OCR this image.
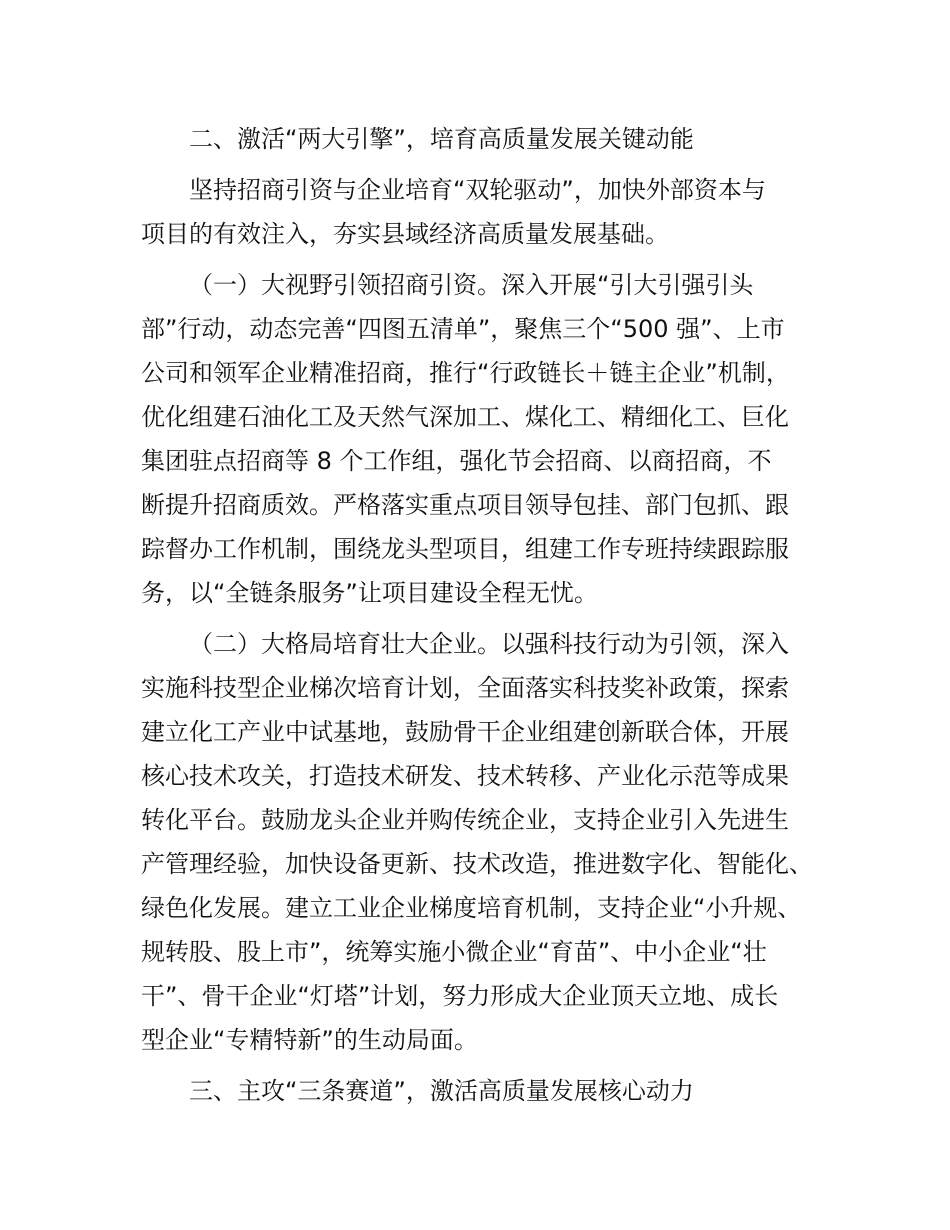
二、激活“两大引擎”，培育高质量发展关键动能

坚持招商引资与企业培育“双轮驱动”，加快外部资本与
项目的有效注入，夯实县域经济高质量发展基础。

（一）大视野引领招商引资。深入开展“引大引强引头
部”行动，动态完善“四图五清单”，聚焦三个“500 强”、上市
公司和领军企业精准招商，推行“行政链长＋链主企业”机制，
优化组建石油化工及天然气深加工、煤化工、精细化工、巨化
集团驻点招商等 8 个工作组，强化节会招商、以商招商，不
断提升招商质效。严格落实重点项目领导包挂、部门包抓、跟
踪督办工作机制，围绕龙头型项目，组建工作专班持续跟踪服
务，以“全链条服务”让项目建设全程无忧。

（二）大格局培育壮大企业。以强科技行动为引领，深入
实施科技型企业梯次培育计划，全面落实科技奖补政策，探索
建立化工产业中试基地，鼓励骨干企业组建创新联合体，开展
核心技术攻关，打造技术研发、技术转移、产业化示范等成果
转化平台。鼓励龙头企业并购传统企业，支持企业引入先进生
产管理经验，加快设备更新、技术改造，推进数字化、智能化、
绿色化发展。建立工业企业梯度培育机制，支持企业“小升规、
规转股、股上市”，统筹实施小微企业“育苗”、中小企业“壮
干”、骨干企业“灯塔”计划，努力形成大企业顶天立地、成长
型企业“专精特新”的生动局面。

三、主攻“三条赛道”，激活高质量发展核心动力
